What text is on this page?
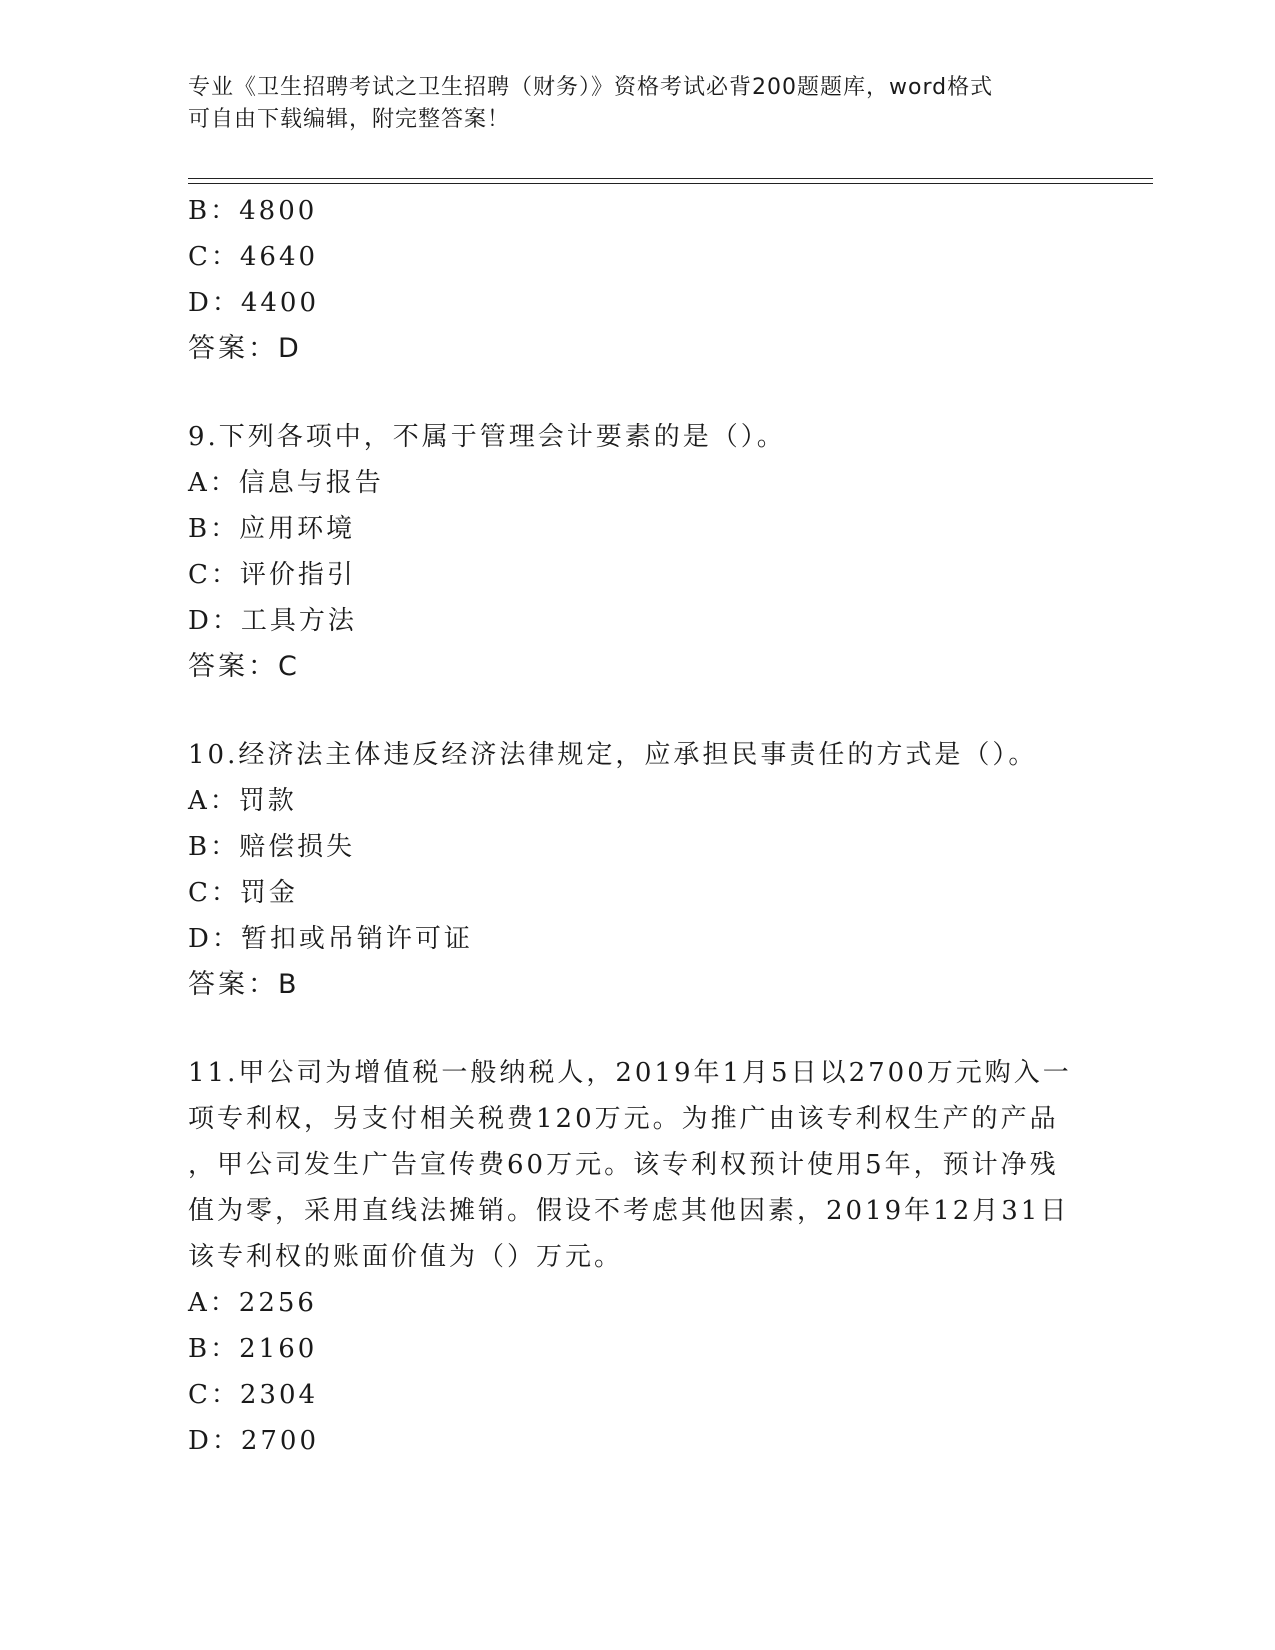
专业《卫生招聘考试之卫生招聘（财务）》资格考试必背200题题库，word格式
可自由下载编辑，附完整答案！
B：4800
C：4640
D：4400
答案：D
9.下列各项中，不属于管理会计要素的是（）。
A：信息与报告
B：应用环境
C：评价指引
D：工具方法
答案：C
10.经济法主体违反经济法律规定，应承担民事责任的方式是（）。
A：罚款
B：赔偿损失
C：罚金
D：暂扣或吊销许可证
答案：B
11.甲公司为增值税一般纳税人，2019年1月5日以2700万元购入一
项专利权，另支付相关税费120万元。为推广由该专利权生产的产品
，甲公司发生广告宣传费60万元。该专利权预计使用5年，预计净残
值为零，采用直线法摊销。假设不考虑其他因素，2019年12月31日
该专利权的账面价值为（）万元。
A：2256
B：2160
C：2304
D：2700
